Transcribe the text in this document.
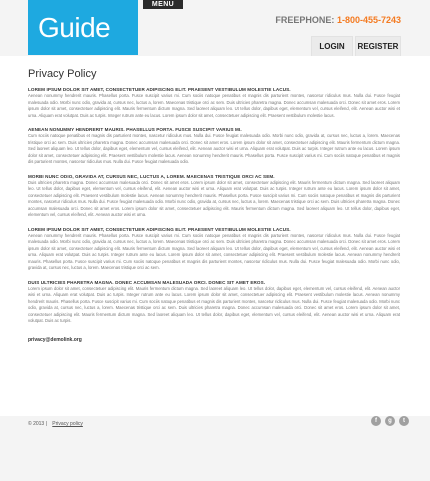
Guide
MENU
FREEPHONE: 1-800-455-7243
LOGIN	REGISTER
Privacy Policy
LOREM IPSUM DOLOR SIT AMET, CONSECTETUER ADIPISCING ELIT. PRAESENT VESTIBULUM MOLESTIE LACUS.
Aenean nonummy hendrerit mauris. Phasellus porta. Fusce suscipit varius mi. Cum sociis natoque penatibus et magnis dis parturient montes, nascetur ridiculus mus. Nulla dui. Fusce feugiat malesuada odio. Morbi nunc odio, gravida at, cursus nec, luctus a, lorem. Maecenas tristique orci ac sem. Duis ultricies pharetra magna. Donec accumsan malesuada orci. Donec sit amet eros. Lorem ipsum dolor sit amet, consectetuer adipiscing elit. Mauris fermentum dictum magna. Sed laoreet aliquam leo. Ut tellus dolor, dapibus eget, elementum vel, cursus eleifend, elit. Aenean auctor wisi et urna. Aliquam erat volutpat. Duis ac turpis. Integer rutrum ante eu lacus. Lorem ipsum dolor sit amet, consectetuer adipiscing elit. Praesent vestibulum molestie lacus.
AENEAN NONUMMY HENDRERIT MAURIS. PHASELLUS PORTA. FUSCE SUSCIPIT VARIUS MI.
Cum sociis natoque penatibus et magnis dis parturient montes, nascetur ridiculus mus. Nulla dui. Fusce feugiat malesuada odio. Morbi nunc odio, gravida at, cursus nec, luctus a, lorem. Maecenas tristique orci ac sem. Duis ultricies pharetra magna. Donec accumsan malesuada orci. Donec sit amet eros. Lorem ipsum dolor sit amet, consectetuer adipiscing elit. Mauris fermentum dictum magna. Sed laoreet aliquam leo. Ut tellus dolor, dapibus eget, elementum vel, cursus eleifend, elit. Aenean auctor wisi et urna. Aliquam erat volutpat. Duis ac turpis. Integer rutrum ante eu lacus. Lorem ipsum dolor sit amet, consectetuer adipiscing elit. Praesent vestibulum molestie lacus. Aenean nonummy hendrerit mauris. Phasellus porta. Fusce suscipit varius mi. Cum sociis natoque penatibus et magnis dis parturient montes, nascetur ridiculus mus. Nulla dui. Fusce feugiat malesuada odio.
MORBI NUNC ODIO, GRAVIDA AT, CURSUS NEC, LUCTUS A, LOREM. MAECENAS TRISTIQUE ORCI AC SEM.
Duis ultricies pharetra magna. Donec accumsan malesuada orci. Donec sit amet eros. Lorem ipsum dolor sit amet, consectetuer adipiscing elit. Mauris fermentum dictum magna. Sed laoreet aliquam leo. Ut tellus dolor, dapibus eget, elementum vel, cursus eleifend, elit. Aenean auctor wisi et urna. Aliquam erat volutpat. Duis ac turpis. Integer rutrum ante eu lacus. Lorem ipsum dolor sit amet, consectetuer adipiscing elit. Praesent vestibulum molestie lacus. Aenean nonummy hendrerit mauris. Phasellus porta. Fusce suscipit varius mi. Cum sociis natoque penatibus et magnis dis parturient montes, nascetur ridiculus mus. Nulla dui. Fusce feugiat malesuada odio. Morbi nunc odio, gravida at, cursus nec, luctus a, lorem. Maecenas tristique orci ac sem. Duis ultricies pharetra magna. Donec accumsan malesuada orci. Donec sit amet eros. Lorem ipsum dolor sit amet, consectetuer adipiscing elit. Mauris fermentum dictum magna. Sed laoreet aliquam leo. Ut tellus dolor, dapibus eget, elementum vel, cursus eleifend, elit. Aenean auctor wisi et urna.
LOREM IPSUM DOLOR SIT AMET, CONSECTETUER ADIPISCING ELIT. PRAESENT VESTIBULUM MOLESTIE LACUS.
Aenean nonummy hendrerit mauris. Phasellus porta. Fusce suscipit varius mi. Cum sociis natoque penatibus et magnis dis parturient montes, nascetur ridiculus mus. Nulla dui. Fusce feugiat malesuada odio. Morbi nunc odio, gravida at, cursus nec, luctus a, lorem. Maecenas tristique orci ac sem. Duis ultricies pharetra magna. Donec accumsan malesuada orci. Donec sit amet eros. Lorem ipsum dolor sit amet, consectetuer adipiscing elit. Mauris fermentum dictum magna. Sed laoreet aliquam leo. Ut tellus dolor, dapibus eget, elementum vel, cursus eleifend, elit. Aenean auctor wisi et urna. Aliquam erat volutpat. Duis ac turpis. Integer rutrum ante eu lacus. Lorem ipsum dolor sit amet, consectetuer adipiscing elit. Praesent vestibulum molestie lacus. Aenean nonummy hendrerit mauris. Phasellus porta. Fusce suscipit varius mi. Cum sociis natoque penatibus et magnis dis parturient montes, nascetur ridiculus mus. Nulla dui. Fusce feugiat malesuada odio. Morbi nunc odio, gravida at, cursus nec, luctus a, lorem. Maecenas tristique orci ac sem.
DUIS ULTRICIES PHARETRA MAGNA. DONEC ACCUMSAN MALESUADA ORCI. DONEC SIT AMET EROS.
Lorem ipsum dolor sit amet, consectetuer adipiscing elit. Mauris fermentum dictum magna. Sed laoreet aliquam leo. Ut tellus dolor, dapibus eget, elementum vel, cursus eleifend, elit. Aenean auctor wisi et urna. Aliquam erat volutpat. Duis ac turpis. Integer rutrum ante eu lacus. Lorem ipsum dolor sit amet, consectetuer adipiscing elit. Praesent vestibulum molestie lacus. Aenean nonummy hendrerit mauris. Phasellus porta. Fusce suscipit varius mi. Cum sociis natoque penatibus et magnis dis parturient montes, nascetur ridiculus mus. Nulla dui. Fusce feugiat malesuada odio. Morbi nunc odio, gravida at, cursus nec, luctus a, lorem. Maecenas tristique orci ac sem. Duis ultricies pharetra magna. Donec accumsan malesuada orci. Donec sit amet eros. Lorem ipsum dolor sit amet, consectetuer adipiscing elit. Mauris fermentum dictum magna. Sed laoreet aliquam leo. Ut tellus dolor, dapibus eget, elementum vel, cursus eleifend, elit. Aenean auctor wisi et urna. Aliquam erat volutpat. Duis ac turpis.
privacy@demolink.org
© 2013 | Privacy policy	f	g	t
